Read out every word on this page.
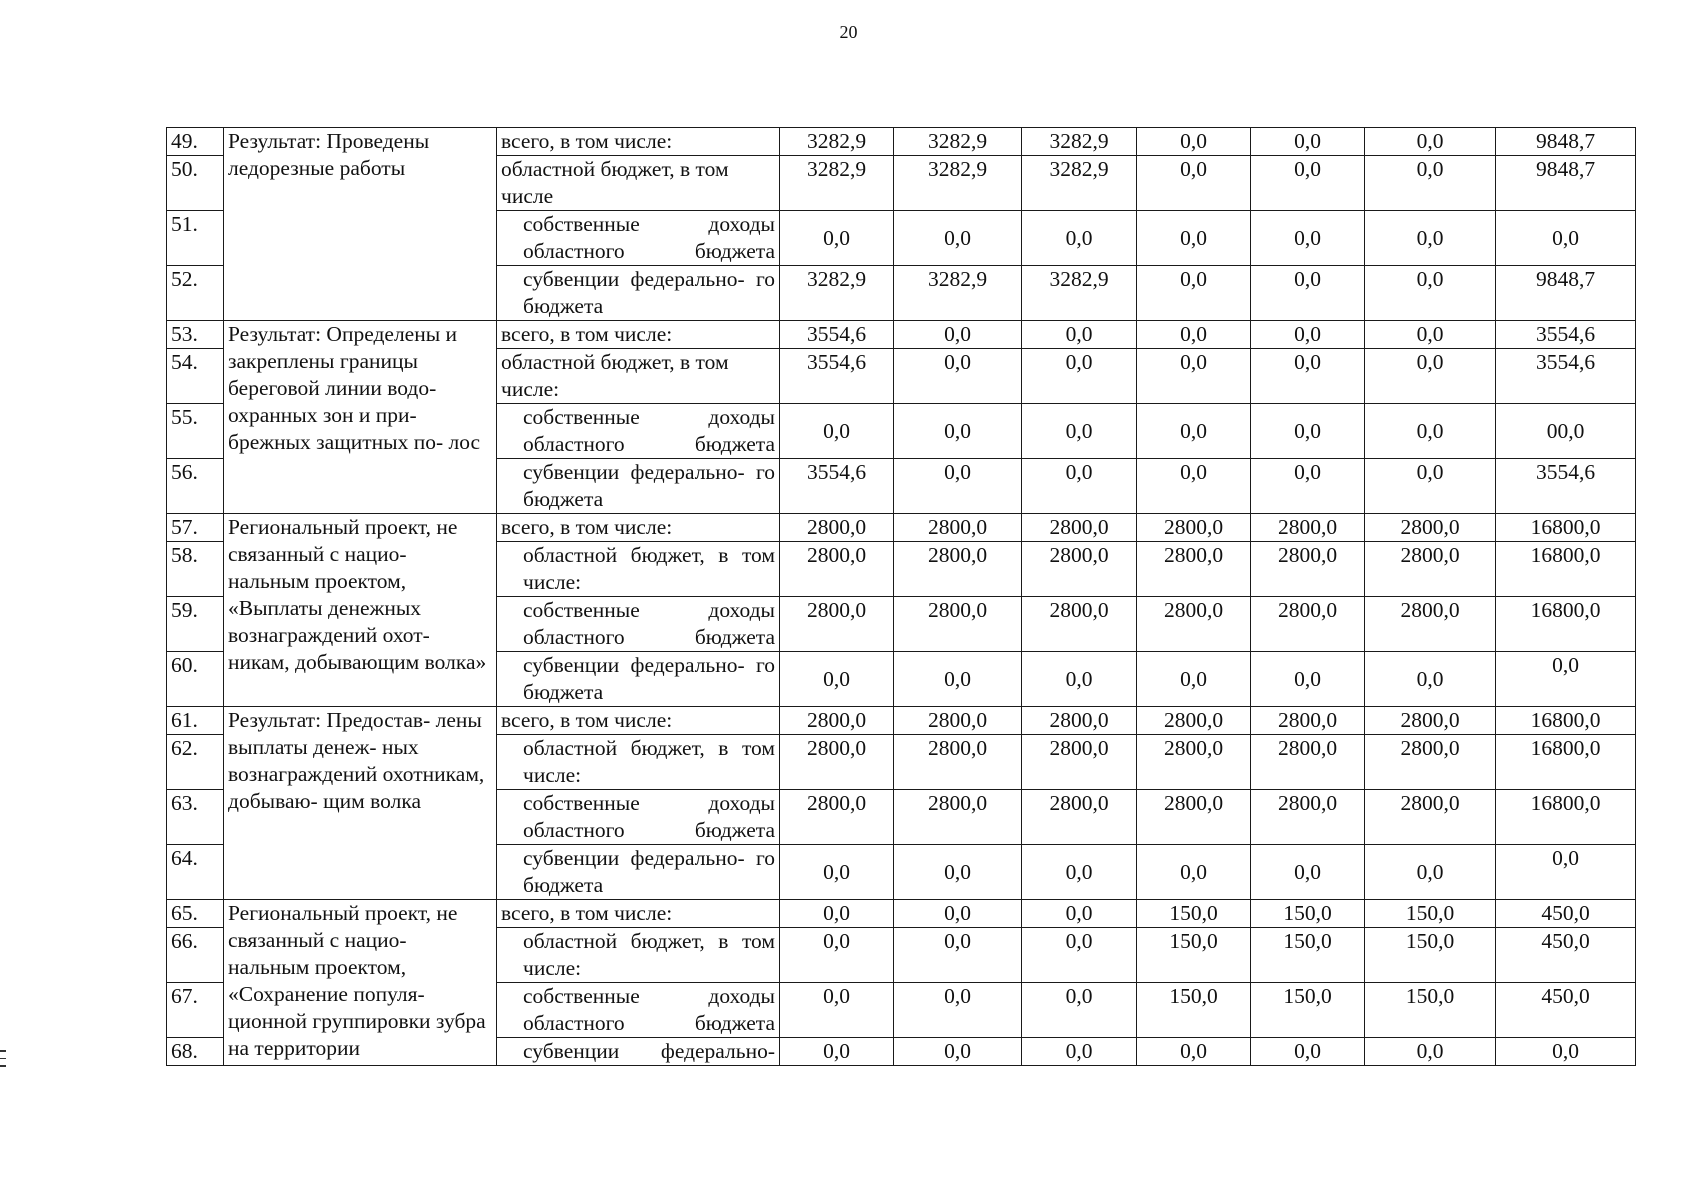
20
49.	Результат: Проведены ледорезные работы	всего, в том числе:	3282,9	3282,9	3282,9	0,0	0,0	0,0	9848,7
50.		областной бюджет, в том числе	3282,9	3282,9	3282,9	0,0	0,0	0,0	9848,7
51.		собственные доходы областного бюджета	0,0	0,0	0,0	0,0	0,0	0,0	0,0
52.		субвенции федерально- го бюджета	3282,9	3282,9	3282,9	0,0	0,0	0,0	9848,7
53.	Результат: Определены и закреплены границы береговой линии водо- охранных зон и при- брежных защитных по- лос	всего, в том числе:	3554,6	0,0	0,0	0,0	0,0	0,0	3554,6
54.		областной бюджет, в том числе:	3554,6	0,0	0,0	0,0	0,0	0,0	3554,6
55.		собственные доходы областного бюджета	0,0	0,0	0,0	0,0	0,0	0,0	00,0
56.		субвенции федерально- го бюджета	3554,6	0,0	0,0	0,0	0,0	0,0	3554,6
57.	Региональный проект, не связанный с нацио- нальным проектом, «Выплаты денежных вознаграждений охот- никам, добывающим волка»	всего, в том числе:	2800,0	2800,0	2800,0	2800,0	2800,0	2800,0	16800,0
58.		областной бюджет, в том числе:	2800,0	2800,0	2800,0	2800,0	2800,0	2800,0	16800,0
59.		собственные доходы областного бюджета	2800,0	2800,0	2800,0	2800,0	2800,0	2800,0	16800,0
60.		субвенции федерально- го бюджета	0,0	0,0	0,0	0,0	0,0	0,0	0,0
61.	Результат: Предостав- лены выплаты денеж- ных вознаграждений охотникам, добываю- щим волка	всего, в том числе:	2800,0	2800,0	2800,0	2800,0	2800,0	2800,0	16800,0
62.		областной бюджет, в том числе:	2800,0	2800,0	2800,0	2800,0	2800,0	2800,0	16800,0
63.		собственные доходы областного бюджета	2800,0	2800,0	2800,0	2800,0	2800,0	2800,0	16800,0
64.		субвенции федерально- го бюджета	0,0	0,0	0,0	0,0	0,0	0,0	0,0
65.	Региональный проект, не связанный с нацио- нальным проектом, «Сохранение популя- ционной группировки зубра на территории	всего, в том числе:	0,0	0,0	0,0	150,0	150,0	150,0	450,0
66.		областной бюджет, в том числе:	0,0	0,0	0,0	150,0	150,0	150,0	450,0
67.		собственные доходы областного бюджета	0,0	0,0	0,0	150,0	150,0	150,0	450,0
68.		субвенции федерально-	0,0	0,0	0,0	0,0	0,0	0,0	0,0
